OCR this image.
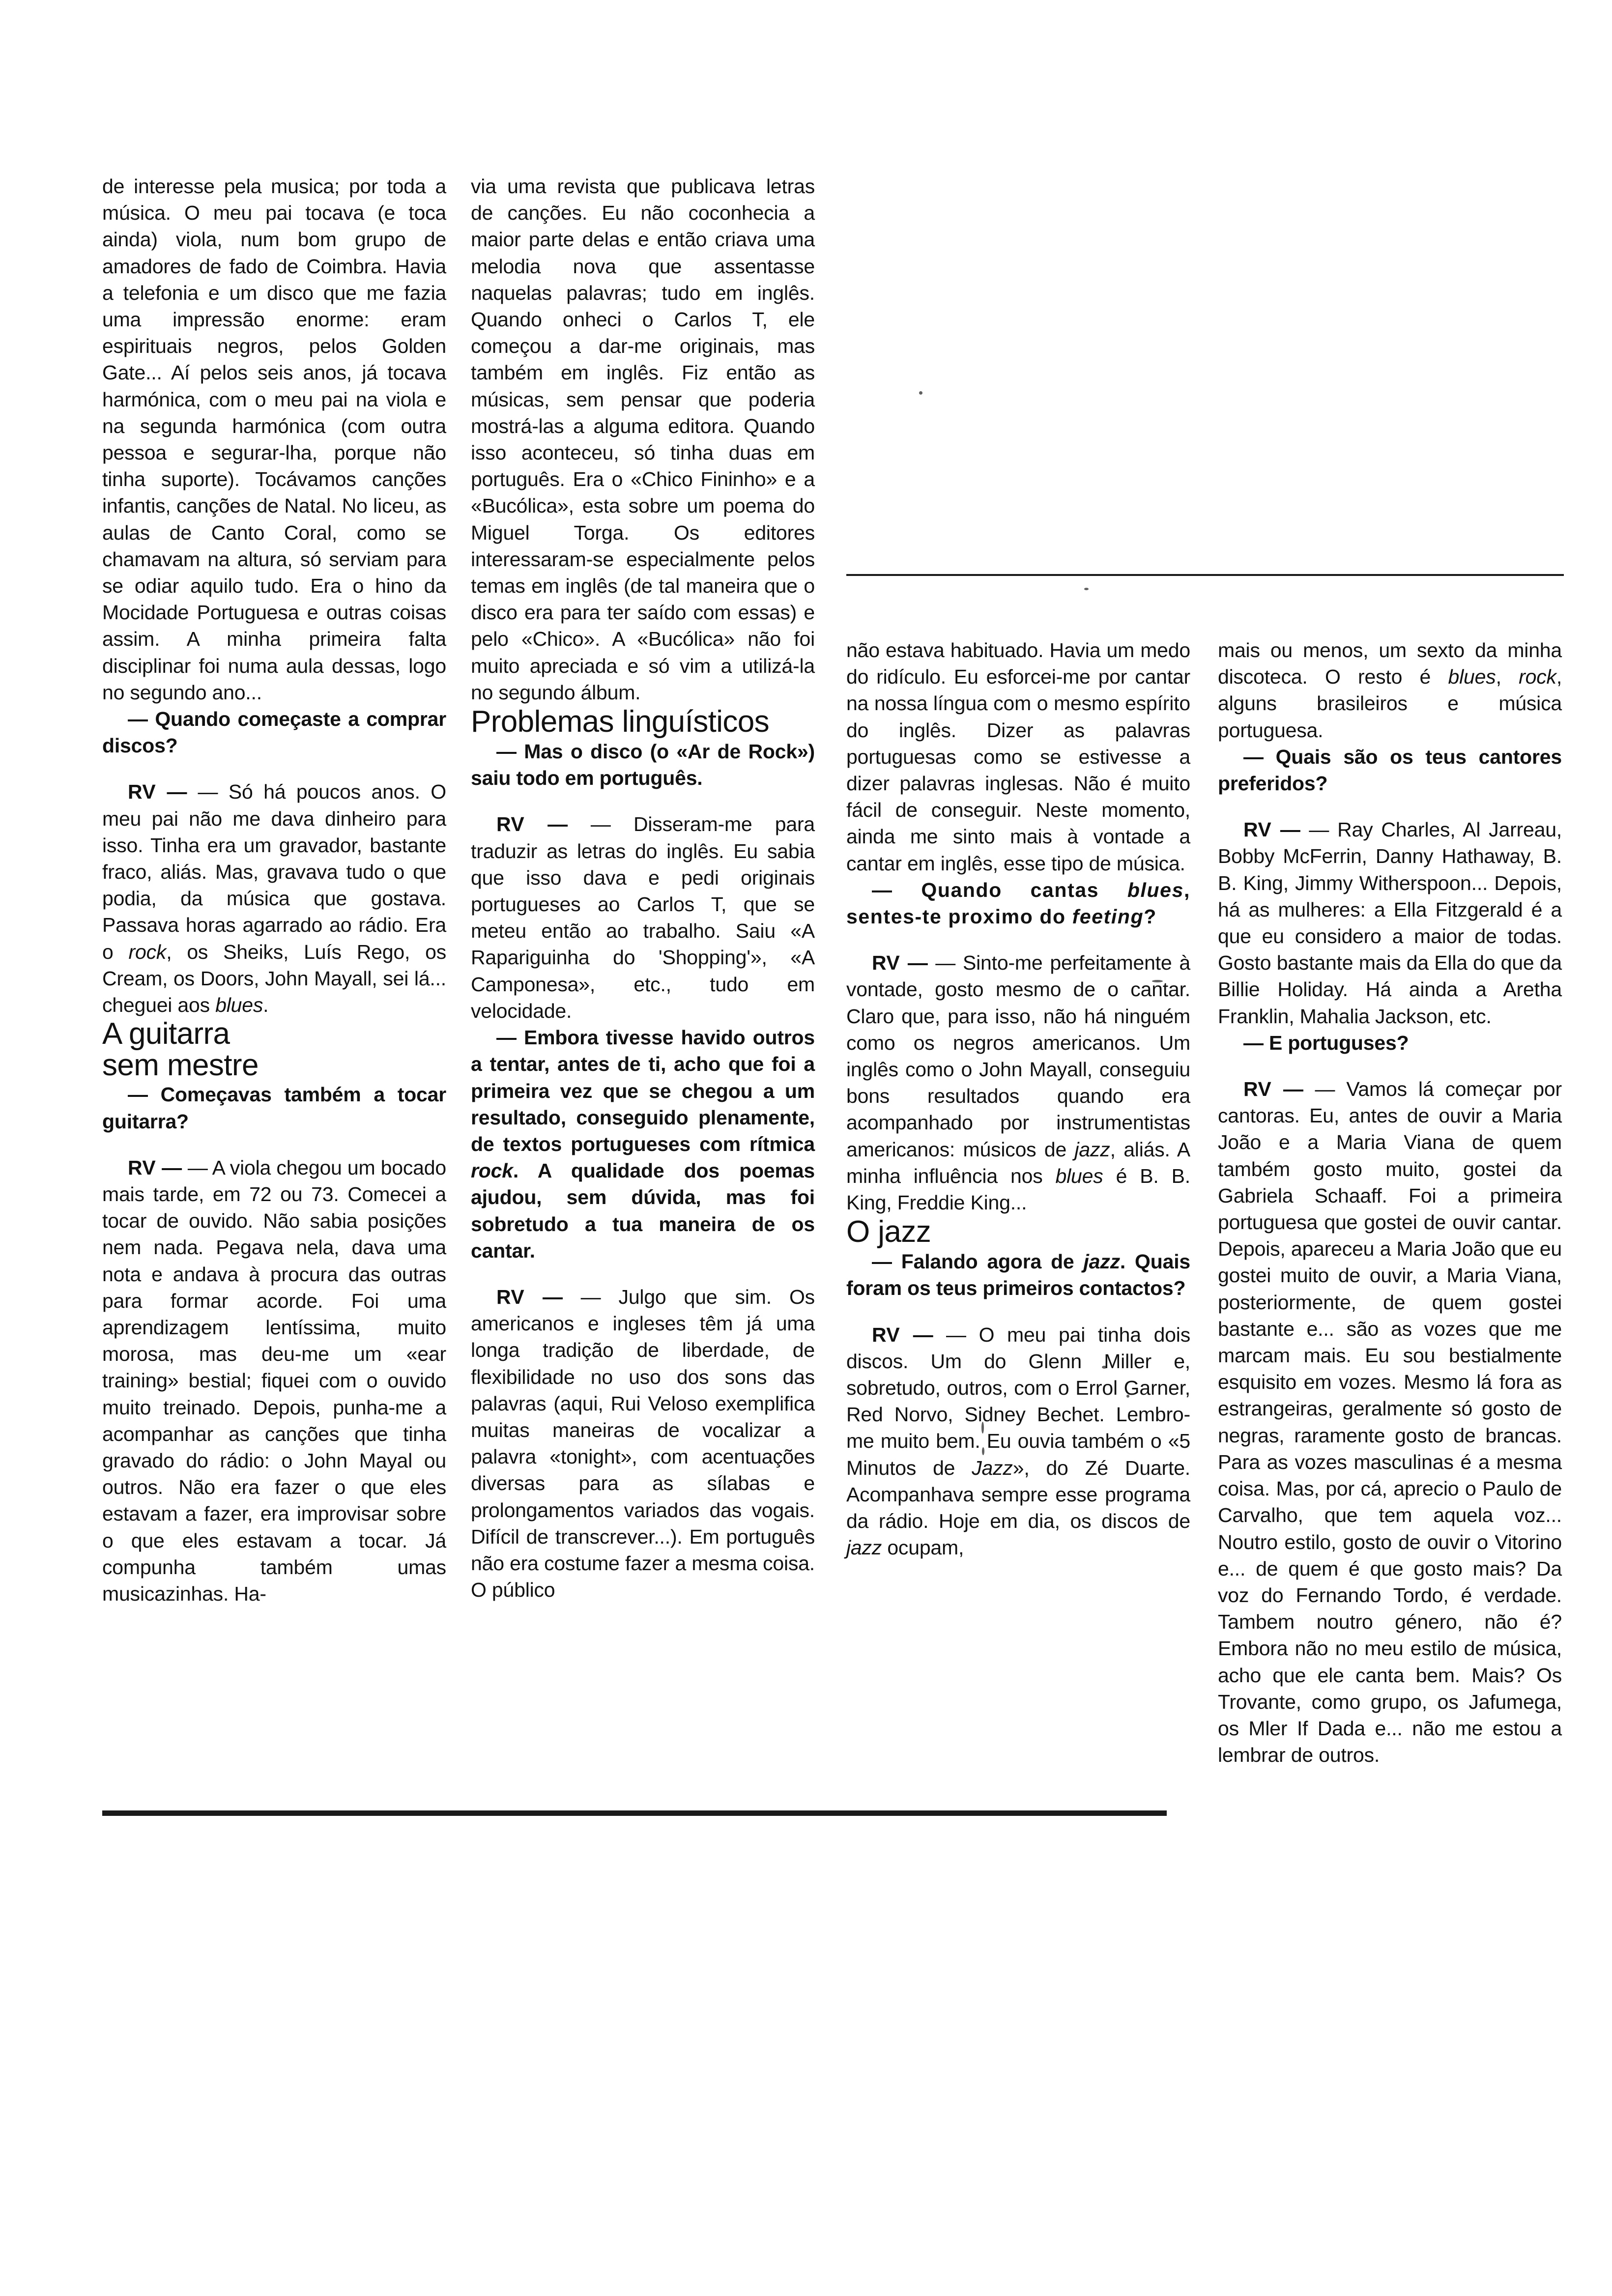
de interesse pela musica; por toda a música. O meu pai tocava (e toca ainda) viola, num bom grupo de amadores de fado de Coimbra. Havia a telefonia e um disco que me fazia uma impressão enorme: eram espirituais negros, pelos Golden Gate... Aí pelos seis anos, já tocava harmónica, com o meu pai na viola e na segunda harmónica (com outra pessoa e segurar-lha, porque não tinha suporte). Tocávamos canções infantis, canções de Natal. No liceu, as aulas de Canto Coral, como se chamavam na altura, só serviam para se odiar aquilo tudo. Era o hino da Mocidade Portuguesa e outras coisas assim. A minha primeira falta disciplinar foi numa aula dessas, logo no segundo ano...

— Quando começaste a comprar discos?

RV — — Só há poucos anos. O meu pai não me dava dinheiro para isso. Tinha era um gravador, bastante fraco, aliás. Mas, gravava tudo o que podia, da música que gostava. Passava horas agarrado ao rádio. Era o rock, os Sheiks, Luís Rego, os Cream, os Doors, John Mayall, sei lá... cheguei aos blues.

A guitarra
sem mestre

— Começavas também a tocar guitarra?

RV — — A viola chegou um bocado mais tarde, em 72 ou 73. Comecei a tocar de ouvido. Não sabia posições nem nada. Pegava nela, dava uma nota e andava à procura das outras para formar acorde. Foi uma aprendizagem lentíssima, muito morosa, mas deu-me um «ear training» bestial; fiquei com o ouvido muito treinado. Depois, punha-me a acompanhar as canções que tinha gravado do rádio: o John Mayal ou outros. Não era fazer o que eles estavam a fazer, era improvisar sobre o que eles estavam a tocar. Já compunha também umas musicazinhas. Ha-

via uma revista que publicava letras de canções. Eu não coconhecia a maior parte delas e então criava uma melodia nova que assentasse naquelas palavras; tudo em inglês. Quando onheci o Carlos T, ele começou a dar-me originais, mas também em inglês. Fiz então as músicas, sem pensar que poderia mostrá-las a alguma editora. Quando isso aconteceu, só tinha duas em português. Era o «Chico Fininho» e a «Bucólica», esta sobre um poema do Miguel Torga. Os editores interessaram-se especialmente pelos temas em inglês (de tal maneira que o disco era para ter saído com essas) e pelo «Chico». A «Bucólica» não foi muito apreciada e só vim a utilizá-la no segundo álbum.

Problemas linguísticos

— Mas o disco (o «Ar de Rock») saiu todo em português.

RV — — Disseram-me para traduzir as letras do inglês. Eu sabia que isso dava e pedi originais portugueses ao Carlos T, que se meteu então ao trabalho. Saiu «A Rapariguinha do 'Shopping'», «A Camponesa», etc., tudo em velocidade.

— Embora tivesse havido outros a tentar, antes de ti, acho que foi a primeira vez que se chegou a um resultado, conseguido plenamente, de textos portugueses com rítmica rock. A qualidade dos poemas ajudou, sem dúvida, mas foi sobretudo a tua maneira de os cantar.

RV — — Julgo que sim. Os americanos e ingleses têm já uma longa tradição de liberdade, de flexibilidade no uso dos sons das palavras (aqui, Rui Veloso exemplifica muitas maneiras de vocalizar a palavra «tonight», com acentuações diversas para as sílabas e prolongamentos variados das vogais. Difícil de transcrever...). Em português não era costume fazer a mesma coisa. O público

não estava habituado. Havia um medo do ridículo. Eu esforcei-me por cantar na nossa língua com o mesmo espírito do inglês. Dizer as palavras portuguesas como se estivesse a dizer palavras inglesas. Não é muito fácil de conseguir. Neste momento, ainda me sinto mais à vontade a cantar em inglês, esse tipo de música.

— Quando cantas blues, sentes-te proximo do feeting?

RV — — Sinto-me perfeitamente à vontade, gosto mesmo de o cantar. Claro que, para isso, não há ninguém como os negros americanos. Um inglês como o John Mayall, conseguiu bons resultados quando era acompanhado por instrumentistas americanos: músicos de jazz, aliás. A minha influência nos blues é B. B. King, Freddie King...

O jazz

— Falando agora de jazz. Quais foram os teus primeiros contactos?

RV — — O meu pai tinha dois discos. Um do Glenn Miller e, sobretudo, outros, com o Errol Garner, Red Norvo, Sidney Bechet. Lembro-me muito bem. Eu ouvia também o «5 Minutos de Jazz», do Zé Duarte. Acompanhava sempre esse programa da rádio. Hoje em dia, os discos de jazz ocupam,

mais ou menos, um sexto da minha discoteca. O resto é blues, rock, alguns brasileiros e música portuguesa.

— Quais são os teus cantores preferidos?

RV — — Ray Charles, Al Jarreau, Bobby McFerrin, Danny Hathaway, B. B. King, Jimmy Witherspoon... Depois, há as mulheres: a Ella Fitzgerald é a que eu considero a maior de todas. Gosto bastante mais da Ella do que da Billie Holiday. Há ainda a Aretha Franklin, Mahalia Jackson, etc.

— E portuguses?

RV — — Vamos lá começar por cantoras. Eu, antes de ouvir a Maria João e a Maria Viana de quem também gosto muito, gostei da Gabriela Schaaff. Foi a primeira portuguesa que gostei de ouvir cantar. Depois, apareceu a Maria João que eu gostei muito de ouvir, a Maria Viana, posteriormente, de quem gostei bastante e... são as vozes que me marcam mais. Eu sou bestialmente esquisito em vozes. Mesmo lá fora as estrangeiras, geralmente só gosto de negras, raramente gosto de brancas. Para as vozes masculinas é a mesma coisa. Mas, por cá, aprecio o Paulo de Carvalho, que tem aquela voz... Noutro estilo, gosto de ouvir o Vitorino e... de quem é que gosto mais? Da voz do Fernando Tordo, é verdade. Tambem noutro género, não é? Embora não no meu estilo de música, acho que ele canta bem. Mais? Os Trovante, como grupo, os Jafumega, os Mler If Dada e... não me estou a lembrar de outros.
